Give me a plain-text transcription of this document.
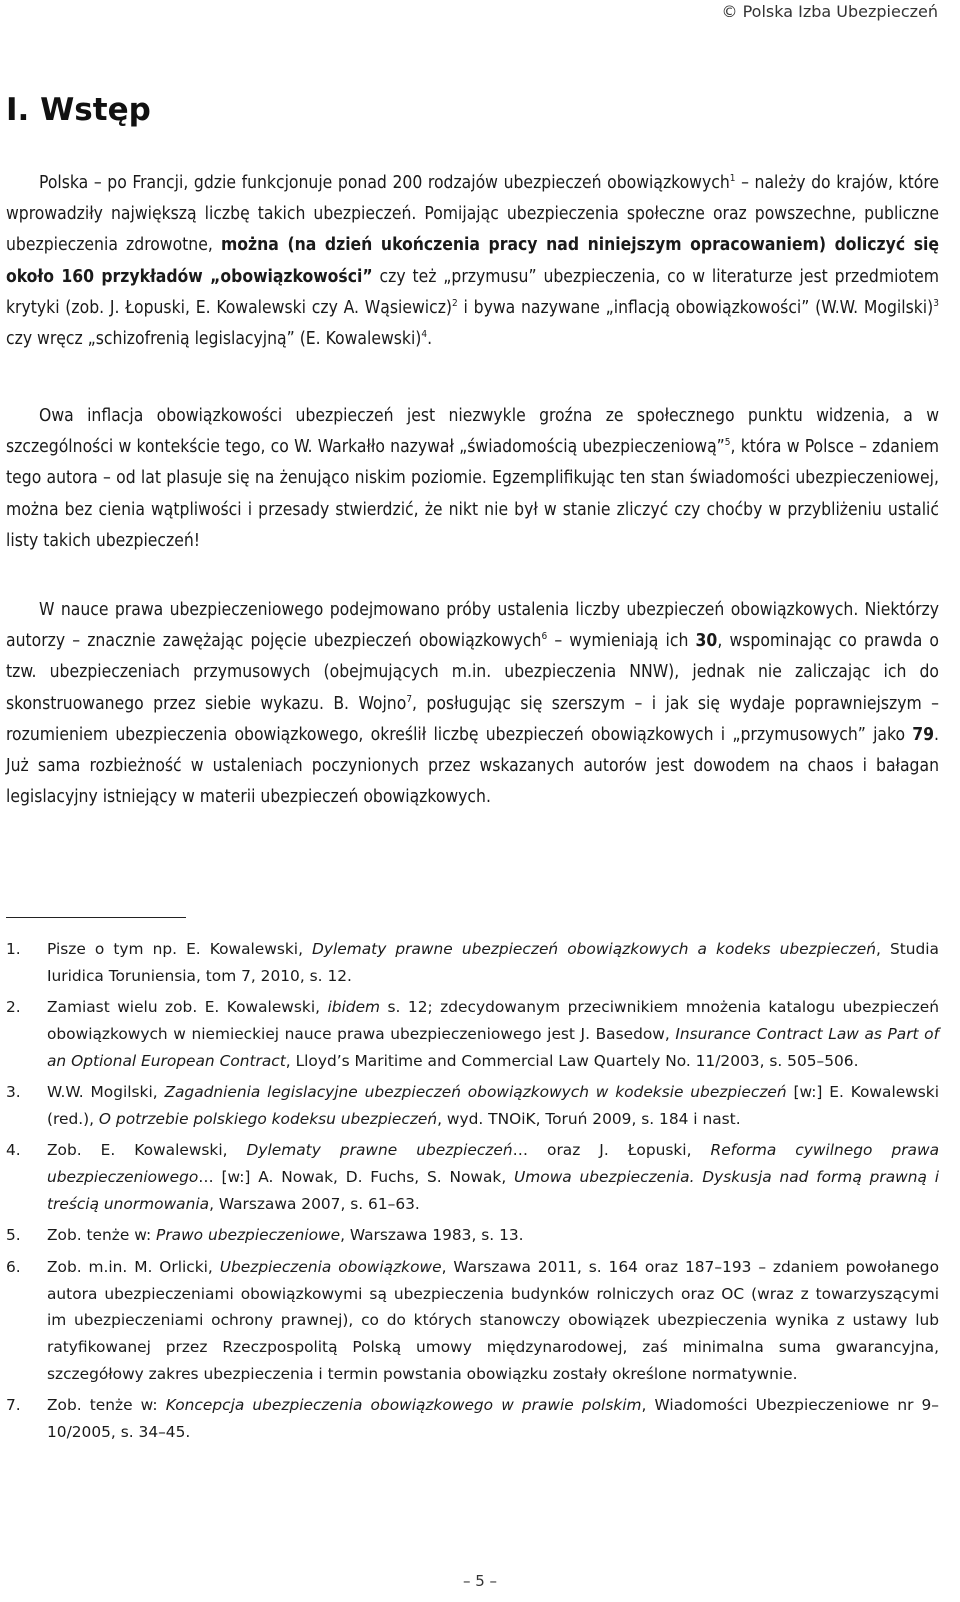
© Polska Izba Ubezpieczeń
I. Wstęp

Polska – po Francji, gdzie funkcjonuje ponad 200 rodzajów ubezpieczeń obowiązkowych$^1$ – należy do krajów, które wprowadziły największą liczbę takich ubezpieczeń. Pomijając ubezpieczenia społeczne oraz powszechne, publiczne ubezpieczenia zdrowotne, można (na dzień ukończenia pracy nad niniejszym opracowaniem) doliczyć się około 160 przykładów „obowiązkowości” czy też „przymusu” ubezpieczenia, co w literaturze jest przedmiotem krytyki (zob. J. Łopuski, E. Kowalewski czy A. Wąsiewicz)$^2$ i bywa nazywane „inflacją obowiązkowości” (W.W. Mogilski)$^3$ czy wręcz „schizofrenią legislacyjną” (E. Kowalewski)$^4$.

Owa inflacja obowiązkowości ubezpieczeń jest niezwykle groźna ze społecznego punktu widzenia, a w szczególności w kontekście tego, co W. Warkałło nazywał „świadomością ubezpieczeniową”$^5$, która w Polsce – zdaniem tego autora – od lat plasuje się na żenująco niskim poziomie. Egzemplifikując ten stan świadomości ubezpieczeniowej, można bez cienia wątpliwości i przesady stwierdzić, że nikt nie był w stanie zliczyć czy choćby w przybliżeniu ustalić listy takich ubezpieczeń!

W nauce prawa ubezpieczeniowego podejmowano próby ustalenia liczby ubezpieczeń obowiązkowych. Niektórzy autorzy – znacznie zawężając pojęcie ubezpieczeń obowiązkowych$^6$ – wymieniają ich 30, wspominając co prawda o tzw. ubezpieczeniach przymusowych (obejmujących m.in. ubezpieczenia NNW), jednak nie zaliczając ich do skonstruowanego przez siebie wykazu. B. Wojno$^7$, posługując się szerszym – i jak się wydaje poprawniejszym – rozumieniem ubezpieczenia obowiązkowego, określił liczbę ubezpieczeń obowiązkowych i „przymusowych” jako 79. Już sama rozbieżność w ustaleniach poczynionych przez wskazanych autorów jest dowodem na chaos i bałagan legislacyjny istniejący w materii ubezpieczeń obowiązkowych.

1. Pisze o tym np. E. Kowalewski, Dylematy prawne ubezpieczeń obowiązkowych a kodeks ubezpieczeń, Studia Iuridica Toruniensia, tom 7, 2010, s. 12.
2. Zamiast wielu zob. E. Kowalewski, ibidem s. 12; zdecydowanym przeciwnikiem mnożenia katalogu ubezpieczeń obowiązkowych w niemieckiej nauce prawa ubezpieczeniowego jest J. Basedow, Insurance Contract Law as Part of an Optional European Contract, Lloyd’s Maritime and Commercial Law Quartely No. 11/2003, s. 505–506.
3. W.W. Mogilski, Zagadnienia legislacyjne ubezpieczeń obowiązkowych w kodeksie ubezpieczeń [w:] E. Kowalewski (red.), O potrzebie polskiego kodeksu ubezpieczeń, wyd. TNOiK, Toruń 2009, s. 184 i nast.
4. Zob. E. Kowalewski, Dylematy prawne ubezpieczeń… oraz J. Łopuski, Reforma cywilnego prawa ubezpieczeniowego… [w:] A. Nowak, D. Fuchs, S. Nowak, Umowa ubezpieczenia. Dyskusja nad formą prawną i treścią unormowania, Warszawa 2007, s. 61–63.
5. Zob. tenże w: Prawo ubezpieczeniowe, Warszawa 1983, s. 13.
6. Zob. m.in. M. Orlicki, Ubezpieczenia obowiązkowe, Warszawa 2011, s. 164 oraz 187–193 – zdaniem powołanego autora ubezpieczeniami obowiązkowymi są ubezpieczenia budynków rolniczych oraz OC (wraz z towarzyszącymi im ubezpieczeniami ochrony prawnej), co do których stanowczy obowiązek ubezpieczenia wynika z ustawy lub ratyfikowanej przez Rzeczpospolitą Polską umowy międzynarodowej, zaś minimalna suma gwarancyjna, szczegółowy zakres ubezpieczenia i termin powstania obowiązku zostały określone normatywnie.
7. Zob. tenże w: Koncepcja ubezpieczenia obowiązkowego w prawie polskim, Wiadomości Ubezpieczeniowe nr 9–10/2005, s. 34–45.
– 5 –
